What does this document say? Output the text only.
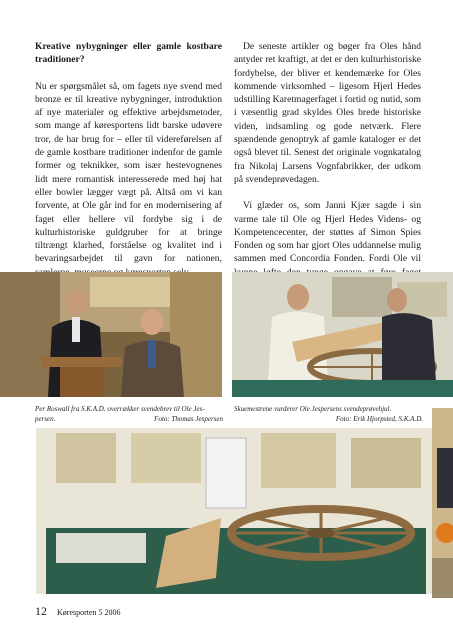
Kreative nybygninger eller gamle kostbare traditioner?

Nu er spørgsmålet så, om fagets nye svend med bronze er til kreative nybygninger, introduktion af nye materialer og effektive arbejdsmetoder, som mange af køresportens lidt barske udøvere tror, de har brug for – eller til videreførelsen af de gamle kostbare traditioner indenfor de gamle former og teknikker, som især hestevognenes lidt mere romantisk interesserede med høj hat eller bowler lægger vægt på. Altså om vi kan forvente, at Ole går ind for en modernisering af faget eller hellere vil fordybe sig i de kulturhistoriske guldgruber for at bringe tiltrængt klarhed, forståelse og kvalitet ind i bevaringsarbejdet til gavn for nationen,

De seneste artikler og bøger fra Oles hånd antyder ret kraftigt, at det er den kulturhistoriske fordybelse, der bliver et kendemærke for Oles kommende virksomhed – ligesom Hjerl Hedes udstilling Karetmagerfaget i fortid og nutid, som i væsentlig grad skyldes Oles brede historiske viden, indsamling og gode netværk. Flere spændende genoptryk af gamle kataloger er det også blevet til. Senest det originale vognkatalog fra Nikolaj Larsens Vognfabrikker, der udkom på svendeprøvedagen.

Vi glæder os, som Janni Kjær sagde i sin varme tale til Ole og Hjerl Hedes Videns- og Kompetencecenter, der støttes af Simon Spies Fonden og som har gjort Oles uddannelse mulig sammen med Concordia Fonden. Fordi Ole vil

Per Roswall fra S.K.A.D. overrækker svendebrev til Ole Jes-
persen.	Foto: Thomas Jespersen
Skuemestrene vurderer Ole Jespersens svendeprøvehjul.
Foto: Erik Hjorpsted, S.K.A.D.
12 Køresporten 5 2006
